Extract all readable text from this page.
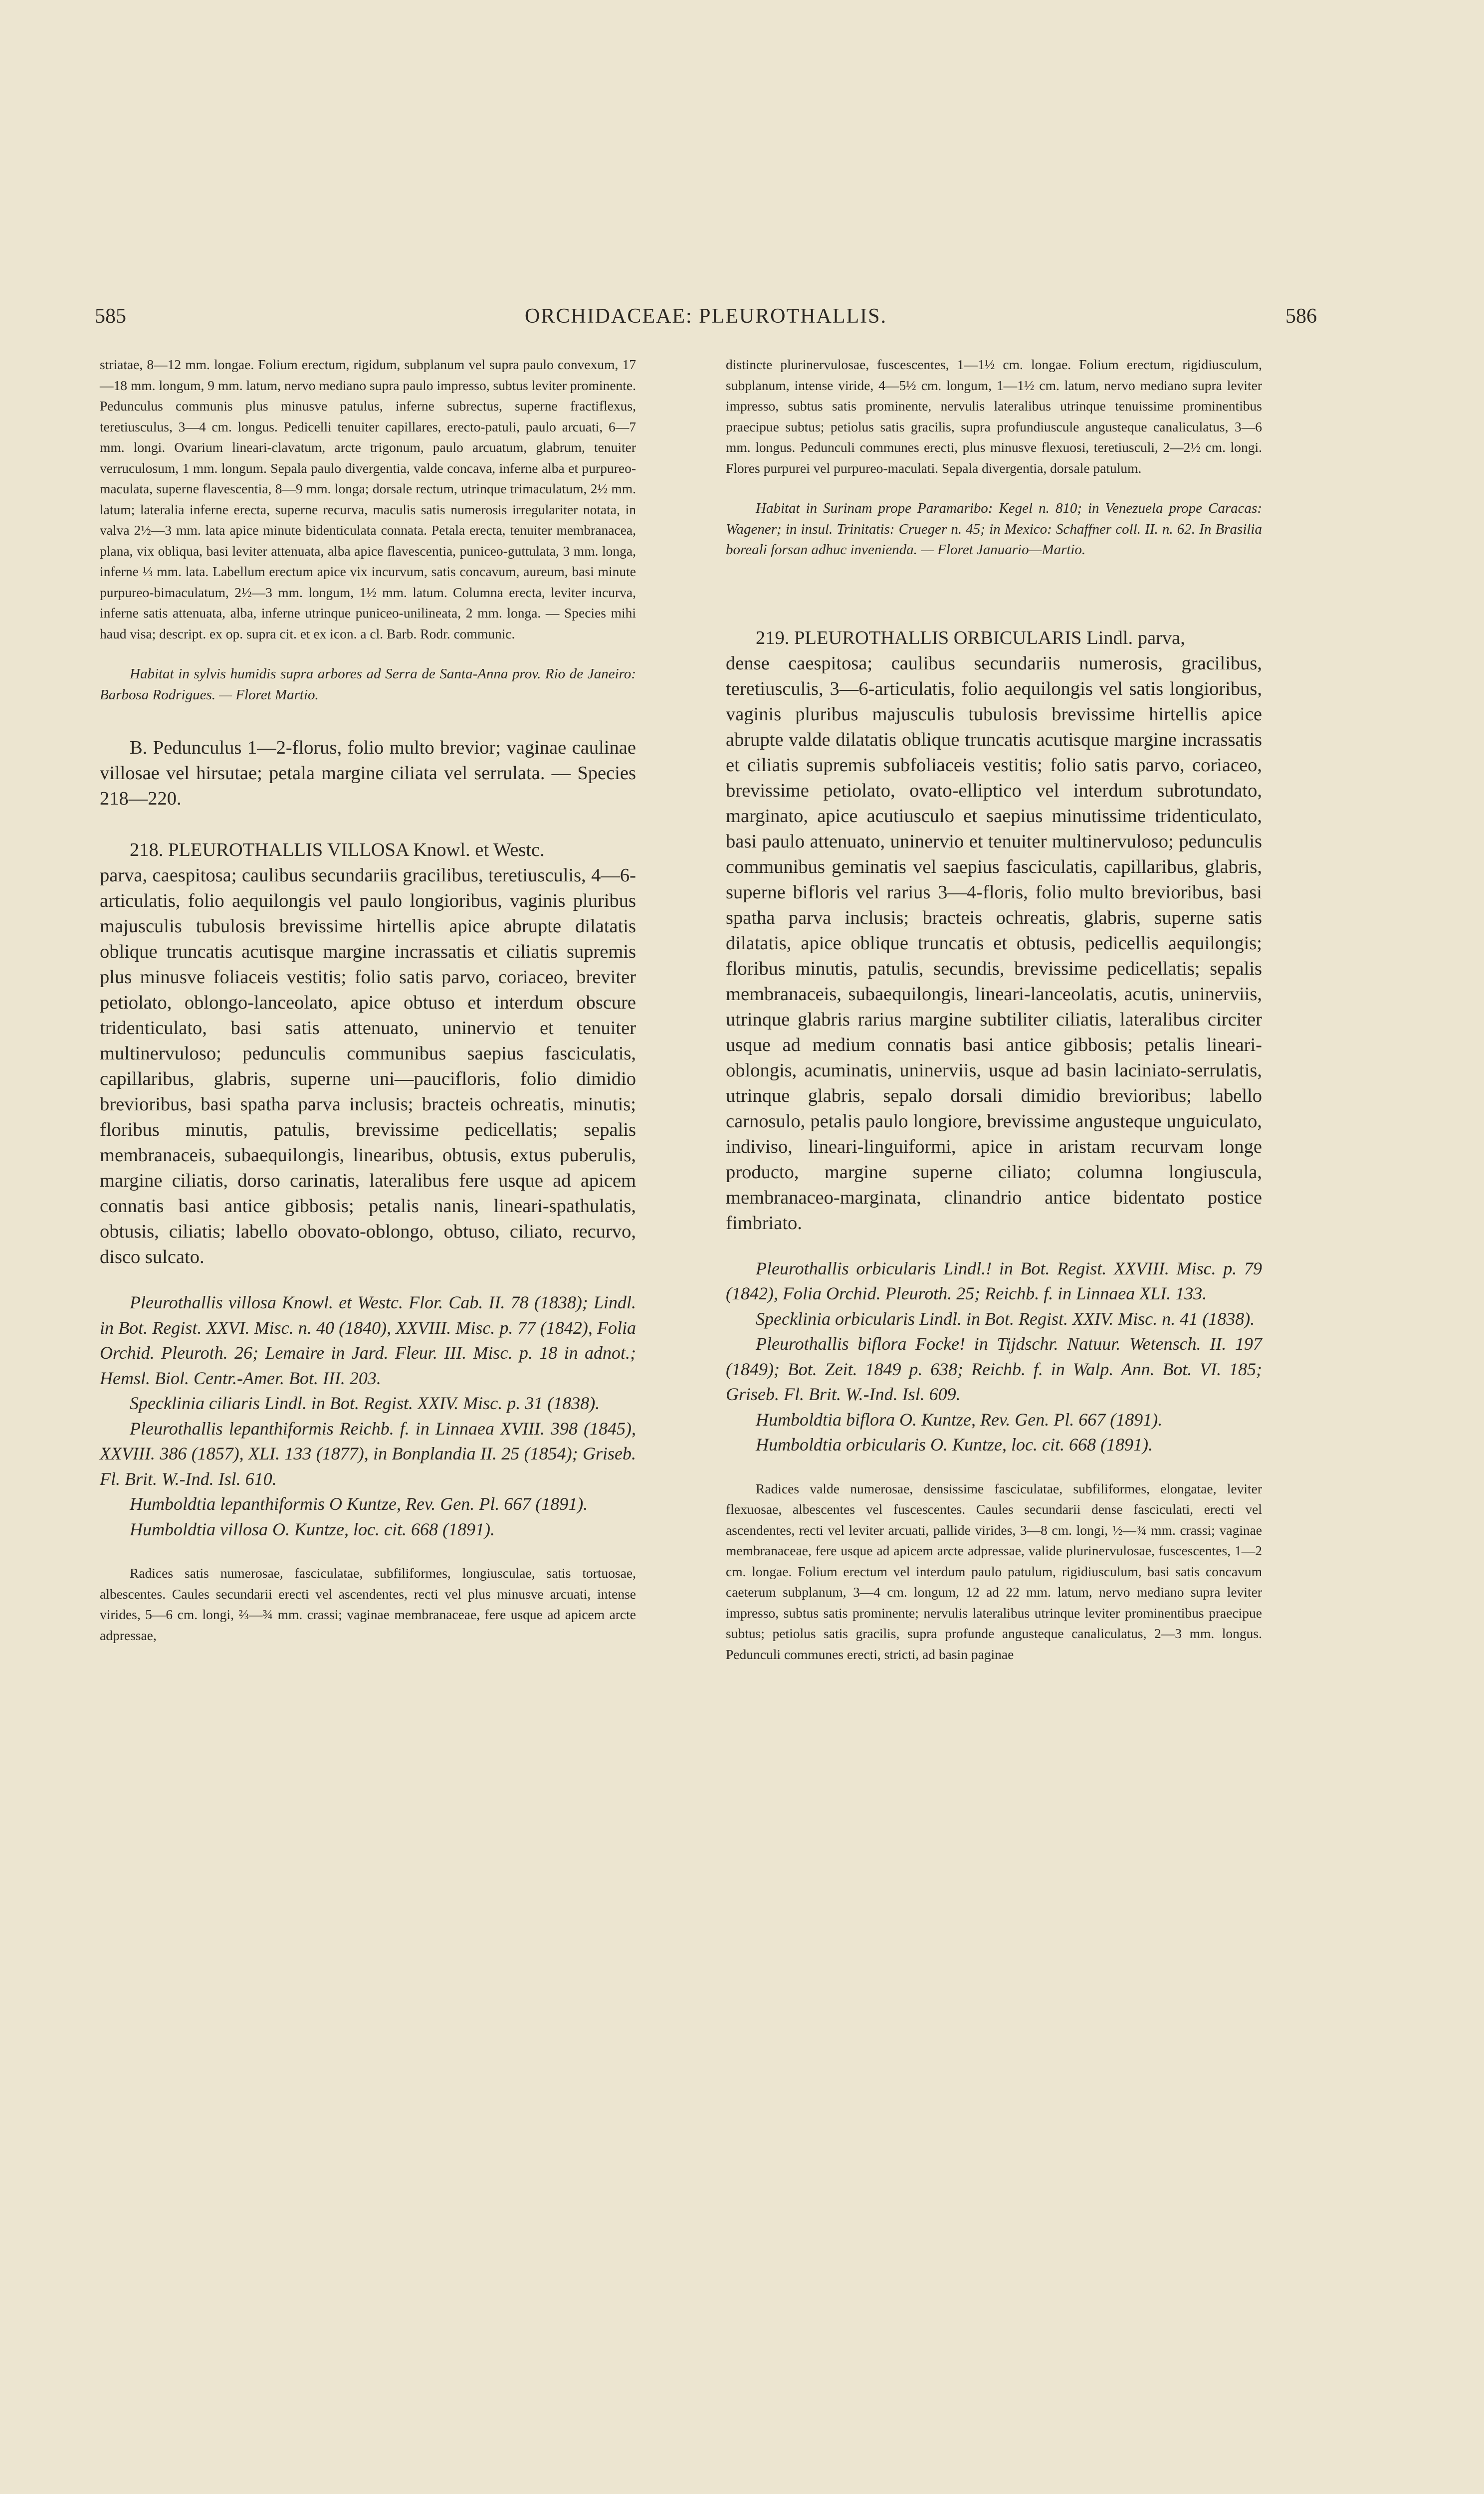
585	ORCHIDACEAE: PLEUROTHALLIS.	586

striatae, 8—12 mm. longae. Folium erectum, rigidum, subplanum vel supra paulo convexum, 17—18 mm. longum, 9 mm. latum, nervo mediano supra paulo impresso, subtus leviter prominente. Pedunculus communis plus minusve patulus, inferne subrectus, superne fractiflexus, teretiusculus, 3—4 cm. longus. Pedicelli tenuiter capillares, erecto-patuli, paulo arcuati, 6—7 mm. longi. Ovarium lineari-clavatum, arcte trigonum, paulo arcuatum, glabrum, tenuiter verruculosum, 1 mm. longum. Sepala paulo divergentia, valde concava, inferne alba et purpureo-maculata, superne flavescentia, 8—9 mm. longa; dorsale rectum, utrinque trimaculatum, 2½ mm. latum; lateralia inferne erecta, superne recurva, maculis satis numerosis irregulariter notata, in valva 2½—3 mm. lata apice minute bidenticulata connata. Petala erecta, tenuiter membranacea, plana, vix obliqua, basi leviter attenuata, alba apice flavescentia, puniceo-guttulata, 3 mm. longa, inferne ⅓ mm. lata. Labellum erectum apice vix incurvum, satis concavum, aureum, basi minute purpureo-bimaculatum, 2½—3 mm. longum, 1½ mm. latum. Columna erecta, leviter incurva, inferne satis attenuata, alba, inferne utrinque puniceo-unilineata, 2 mm. longa. — Species mihi haud visa; descript. ex op. supra cit. et ex icon. a cl. Barb. Rodr. communic.

Habitat in sylvis humidis supra arbores ad Serra de Santa-Anna prov. Rio de Janeiro: Barbosa Rodrigues. — Floret Martio.

B. Pedunculus 1—2-florus, folio multo brevior; vaginae caulinae villosae vel hirsutae; petala margine ciliata vel serrulata. — Species 218—220.

218. PLEUROTHALLIS VILLOSA Knowl. et Westc.

parva, caespitosa; caulibus secundariis gracilibus, teretiusculis, 4—6-articulatis, folio aequilongis vel paulo longioribus, vaginis pluribus majusculis tubulosis brevissime hirtellis apice abrupte dilatatis oblique truncatis acutisque margine incrassatis et ciliatis supremis plus minusve foliaceis vestitis; folio satis parvo, coriaceo, breviter petiolato, oblongo-lanceolato, apice obtuso et interdum obscure tridenticulato, basi satis attenuato, uninervio et tenuiter multinervuloso; pedunculis communibus saepius fasciculatis, capillaribus, glabris, superne uni—paucifloris, folio dimidio brevioribus, basi spatha parva inclusis; bracteis ochreatis, minutis; floribus minutis, patulis, brevissime pedicellatis; sepalis membranaceis, subaequilongis, linearibus, obtusis, extus puberulis, margine ciliatis, dorso carinatis, lateralibus fere usque ad apicem connatis basi antice gibbosis; petalis nanis, lineari-spathulatis, obtusis, ciliatis; labello obovato-oblongo, obtuso, ciliato, recurvo, disco sulcato.

Pleurothallis villosa Knowl. et Westc. Flor. Cab. II. 78 (1838); Lindl. in Bot. Regist. XXVI. Misc. n. 40 (1840), XXVIII. Misc. p. 77 (1842), Folia Orchid. Pleuroth. 26; Lemaire in Jard. Fleur. III. Misc. p. 18 in adnot.; Hemsl. Biol. Centr.-Amer. Bot. III. 203.

Specklinia ciliaris Lindl. in Bot. Regist. XXIV. Misc. p. 31 (1838).

Pleurothallis lepanthiformis Reichb. f. in Linnaea XVIII. 398 (1845), XXVIII. 386 (1857), XLI. 133 (1877), in Bonplandia II. 25 (1854); Griseb. Fl. Brit. W.-Ind. Isl. 610.

Humboldtia lepanthiformis O Kuntze, Rev. Gen. Pl. 667 (1891).

Humboldtia villosa O. Kuntze, loc. cit. 668 (1891).

Radices satis numerosae, fasciculatae, subfiliformes, longiusculae, satis tortuosae, albescentes. Caules secundarii erecti vel ascendentes, recti vel plus minusve arcuati, intense virides, 5—6 cm. longi, ⅔—¾ mm. crassi; vaginae membranaceae, fere usque ad apicem arcte adpressae,

distincte plurinervulosae, fuscescentes, 1—1½ cm. longae. Folium erectum, rigidiusculum, subplanum, intense viride, 4—5½ cm. longum, 1—1½ cm. latum, nervo mediano supra leviter impresso, subtus satis prominente, nervulis lateralibus utrinque tenuissime prominentibus praecipue subtus; petiolus satis gracilis, supra profundiuscule angusteque canaliculatus, 3—6 mm. longus. Pedunculi communes erecti, plus minusve flexuosi, teretiusculi, 2—2½ cm. longi. Flores purpurei vel purpureo-maculati. Sepala divergentia, dorsale patulum.

Habitat in Surinam prope Paramaribo: Kegel n. 810; in Venezuela prope Caracas: Wagener; in insul. Trinitatis: Crueger n. 45; in Mexico: Schaffner coll. II. n. 62. In Brasilia boreali forsan adhuc invenienda. — Floret Januario—Martio.

219. PLEUROTHALLIS ORBICULARIS Lindl. parva,

dense caespitosa; caulibus secundariis numerosis, gracilibus, teretiusculis, 3—6-articulatis, folio aequilongis vel satis longioribus, vaginis pluribus majusculis tubulosis brevissime hirtellis apice abrupte valde dilatatis oblique truncatis acutisque margine incrassatis et ciliatis supremis subfoliaceis vestitis; folio satis parvo, coriaceo, brevissime petiolato, ovato-elliptico vel interdum subrotundato, marginato, apice acutiusculo et saepius minutissime tridenticulato, basi paulo attenuato, uninervio et tenuiter multinervuloso; pedunculis communibus geminatis vel saepius fasciculatis, capillaribus, glabris, superne bifloris vel rarius 3—4-floris, folio multo brevioribus, basi spatha parva inclusis; bracteis ochreatis, glabris, superne satis dilatatis, apice oblique truncatis et obtusis, pedicellis aequilongis; floribus minutis, patulis, secundis, brevissime pedicellatis; sepalis membranaceis, subaequilongis, lineari-lanceolatis, acutis, uninerviis, utrinque glabris rarius margine subtiliter ciliatis, lateralibus circiter usque ad medium connatis basi antice gibbosis; petalis lineari-oblongis, acuminatis, uninerviis, usque ad basin laciniato-serrulatis, utrinque glabris, sepalo dorsali dimidio brevioribus; labello carnosulo, petalis paulo longiore, brevissime angusteque unguiculato, indiviso, lineari-linguiformi, apice in aristam recurvam longe producto, margine superne ciliato; columna longiuscula, membranaceo-marginata, clinandrio antice bidentato postice fimbriato.

Pleurothallis orbicularis Lindl.! in Bot. Regist. XXVIII. Misc. p. 79 (1842), Folia Orchid. Pleuroth. 25; Reichb. f. in Linnaea XLI. 133.

Specklinia orbicularis Lindl. in Bot. Regist. XXIV. Misc. n. 41 (1838).

Pleurothallis biflora Focke! in Tijdschr. Natuur. Wetensch. II. 197 (1849); Bot. Zeit. 1849 p. 638; Reichb. f. in Walp. Ann. Bot. VI. 185; Griseb. Fl. Brit. W.-Ind. Isl. 609.

Humboldtia biflora O. Kuntze, Rev. Gen. Pl. 667 (1891).

Humboldtia orbicularis O. Kuntze, loc. cit. 668 (1891).

Radices valde numerosae, densissime fasciculatae, subfiliformes, elongatae, leviter flexuosae, albescentes vel fuscescentes. Caules secundarii dense fasciculati, erecti vel ascendentes, recti vel leviter arcuati, pallide virides, 3—8 cm. longi, ½—¾ mm. crassi; vaginae membranaceae, fere usque ad apicem arcte adpressae, valide plurinervulosae, fuscescentes, 1—2 cm. longae. Folium erectum vel interdum paulo patulum, rigidiusculum, basi satis concavum caeterum subplanum, 3—4 cm. longum, 12 ad 22 mm. latum, nervo mediano supra leviter impresso, subtus satis prominente; nervulis lateralibus utrinque leviter prominentibus praecipue subtus; petiolus satis gracilis, supra profunde angusteque canaliculatus, 2—3 mm. longus. Pedunculi communes erecti, stricti, ad basin paginae
